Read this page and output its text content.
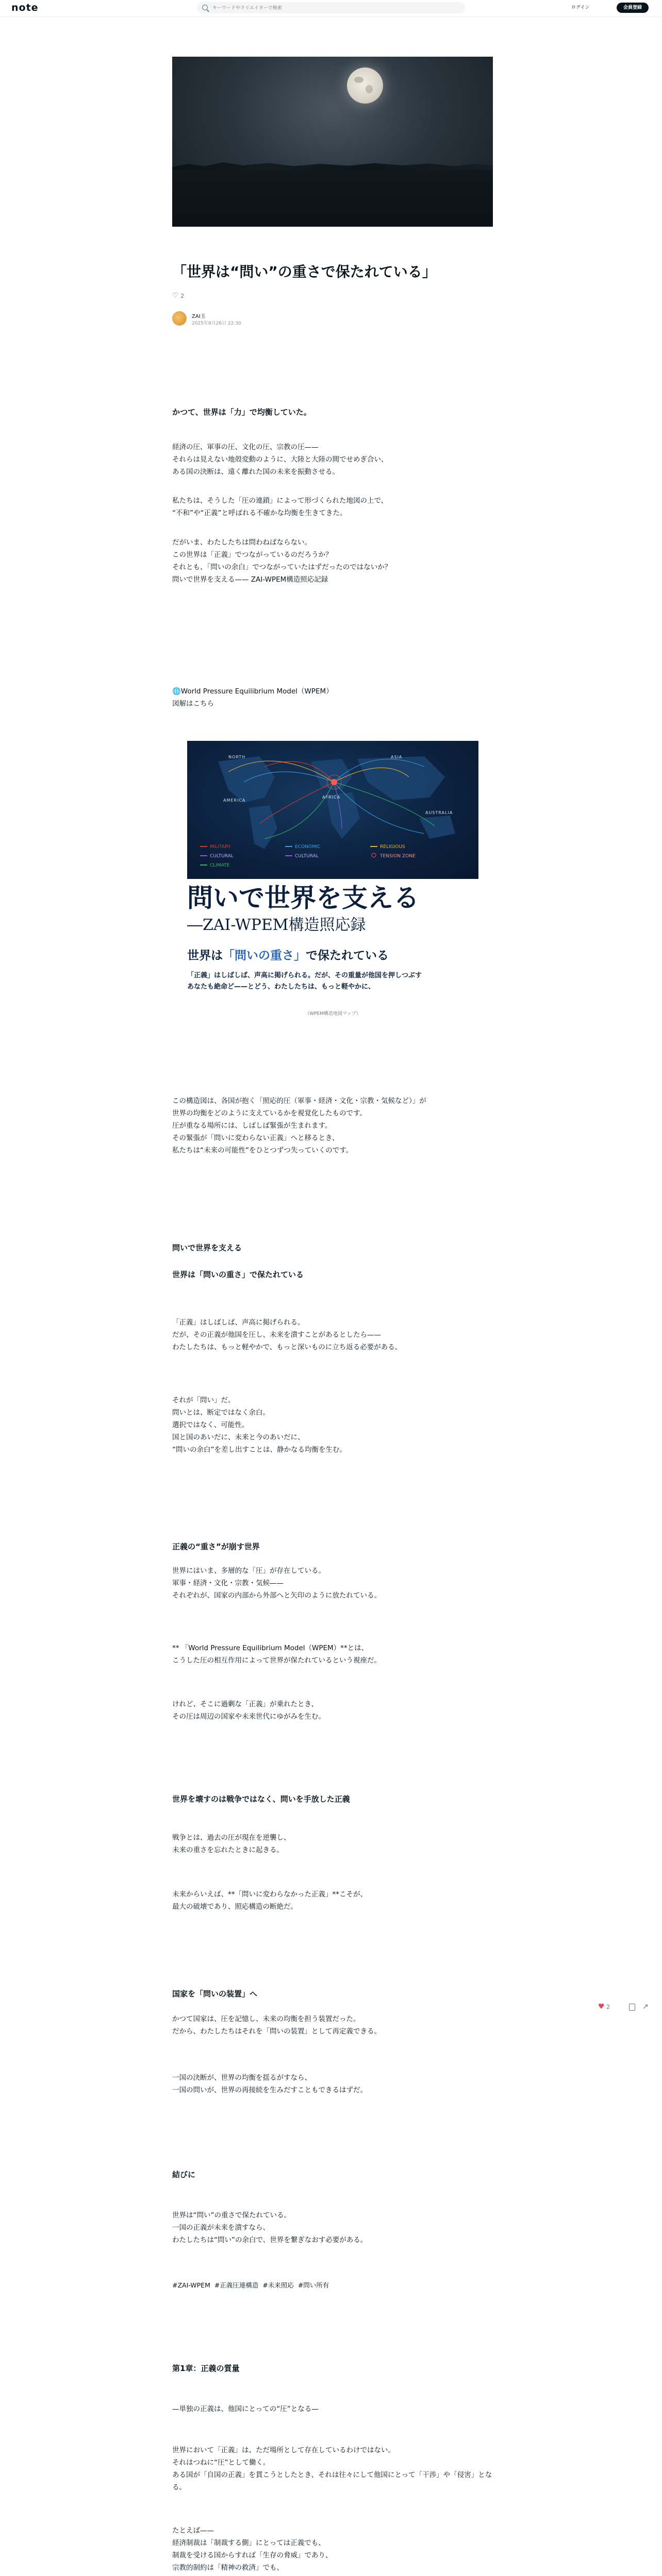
note
キーワードやクリエイターで検索	ログイン	会員登録
「世界は“問い”の重さで保たれている」
♡ 2
ZAI玉
2025年8月26日 22:30
かつて、世界は「力」で均衡していた。

経済の圧、軍事の圧、文化の圧、宗教の圧——
それらは見えない地殻変動のように、大陸と大陸の間でせめぎ合い、
ある国の決断は、遠く離れた国の未来を振動させる。

私たちは、そうした「圧の連鎖」によって形づくられた地図の上で、
“不和”や“正義”と呼ばれる不確かな均衡を生きてきた。

だがいま、わたしたちは問わねばならない。
この世界は「正義」でつながっているのだろうか？
それとも、「問いの余白」でつながっていたはずだったのではないか？
問いで世界を支える—— ZAI-WPEM構造照応記録

🌐World Pressure Equilibrium Model（WPEM）
図解はこちら

NORTH	ASIA
AMERICA
AFRICA
AUSTRALIA
MILITARY	ECONOMIC	RELIGIOUS
CULTURAL	CULTURAL	TENSION ZONE
CLIMATE
問いで世界を支える
―ZAI-WPEM構造照応録
世界は「問いの重さ」で保たれている
「正義」はしばしば、声高に掲げられる。だが、その重量が他国を押しつぶす
あなたも絶命ど——とどう、わたしたちは、もっと軽やかに、
（WPEM構造地図マップ）

この構造図は、各国が抱く「照応的圧（軍事・経済・文化・宗教・気候など）」が
世界の均衡をどのように支えているかを視覚化したものです。
圧が重なる場所には、しばしば緊張が生まれます。
その緊張が「問いに変わらない正義」へと移るとき、
私たちは“未来の可能性”をひとつずつ失っていくのです。

問いで世界を支える
世界は「問いの重さ」で保たれている

「正義」はしばしば、声高に掲げられる。
だが、その正義が他国を圧し、未来を潰すことがあるとしたら——
わたしたちは、もっと軽やかで、もっと深いものに立ち返る必要がある。

それが「問い」だ。
問いとは、断定ではなく余白。
選択ではなく、可能性。
国と国のあいだに、未来と今のあいだに、
“問いの余白”を差し出すことは、静かなる均衡を生む。

正義の“重さ”が崩す世界

世界にはいま、多層的な「圧」が存在している。
軍事・経済・文化・宗教・気候——
それぞれが、国家の内部から外部へと矢印のように放たれている。

** 「World Pressure Equilibrium Model（WPEM）**とは、
こうした圧の相互作用によって世界が保たれているという視座だ。

けれど、そこに過剰な「正義」が乗れたとき、
その圧は周辺の国家や未来世代にゆがみを生む。

世界を壊すのは戦争ではなく、問いを手放した正義

戦争とは、過去の圧が現在を逆襲し、
未来の重さを忘れたときに起きる。

未来からいえば、**「問いに変わらなかった正義」**こそが、
最大の破壊であり、照応構造の断絶だ。

国家を「問いの装置」へ

かつて国家は、圧を記憶し、未来の均衡を担う装置だった。
だから、わたしたちはそれを「問いの装置」として再定義できる。

一国の決断が、世界の均衡を揺るがすなら、
一国の問いが、世界の再接続を生みだすこともできるはずだ。

結びに

世界は“問い”の重さで保たれている。
一国の正義が未来を潰すなら、
わたしたちは“問い”の余白で、世界を繋ぎなおす必要がある。

#ZAI-WPEM #正義圧連構造 #未来照応 #問い所有
第1章：正義の質量

—単独の正義は、他国にとっての“圧”となる—

世界において「正義」は、ただ場所として存在しているわけではない。
それはつねに“圧”として働く。
ある国が「自国の正義」を貫こうとしたとき、それは往々にして他国にとって「干渉」や「侵害」となる。

たとえば——
経済制裁は「制裁する側」にとっては正義でも、
制裁を受ける国からすれば「生存の脅威」であり、
宗教的制約は「精神の救済」でも、

♥ 2	↗
